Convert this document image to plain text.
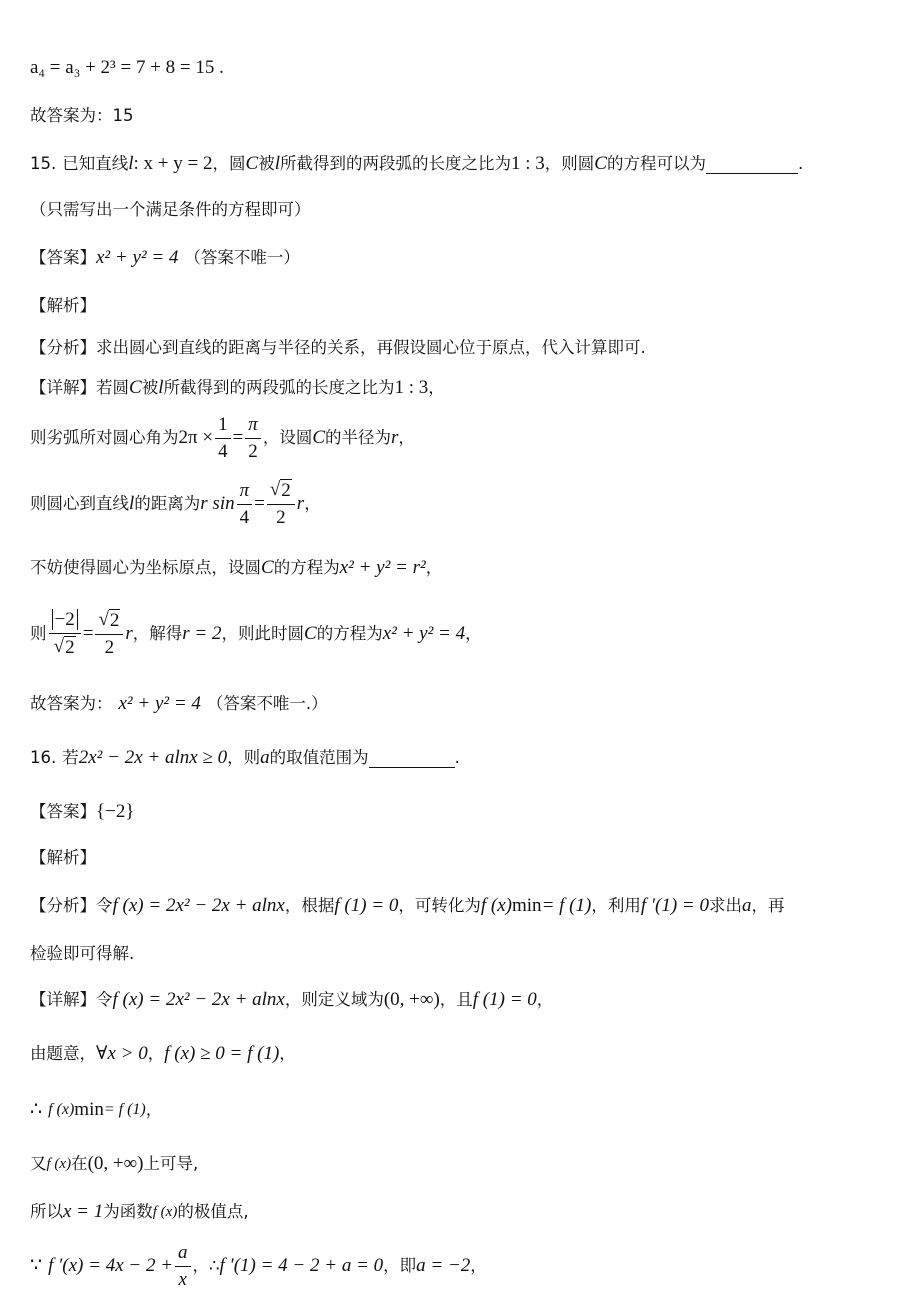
a₄ = a₃ + 2³ = 7 + 8 = 15 .
故答案为：15
15. 已知直线 l : x + y = 2 ，圆 C 被 l 所截得到的两段弧的长度之比为 1 : 3 ，则圆 C 的方程可以为	.
（只需写出一个满足条件的方程即可）
【答案】 x² + y² = 4 （答案不唯一）
【解析】
【分析】 求出圆心到直线的距离与半径的关系，再假设圆心位于原点，代入计算即可.
【详解】 若圆 C 被 l 所截得到的两段弧的长度之比为 1 : 3 ，
则劣弧所对圆心角为 $2\pi \times \frac{1}{4} = \frac{\pi}{2}$ ，设圆 C 的半径为 r ，
则圆心到直线 l 的距离为 r $\sin \frac{\pi}{4} = \frac{√ 2}{2}$ r ，
不妨使得圆心为坐标原点，设圆 C 的方程为 x² + y² = r² ，
则 $\frac{-2}{√ 2} = \frac{√ 2}{2}$ r ，解得 r = 2 ，则此时圆 C 的方程为 x² + y² = 4 ，
故答案为： x² + y² = 4 （答案不唯一.）
16. 若 2x² − 2x + alnx ≥ 0 ，则 a 的取值范围为	.
【答案】 {−2}
【解析】
【分析】 令 f (x) = 2x² − 2x + alnx ，根据 f (1) = 0 ，可转化为 f (x) min = f (1) ，利用 f ′(1) = 0 求出 a ，再
检验即可得解.
【详解】 令 f (x) = 2x² − 2x + alnx ，则定义域为 (0, +∞) ，且 f (1) = 0 ，
由题意， ∀x > 0 ， f (x) ≥ 0 = f (1) ，
∴ f (x) min = f (1) ，
又 f (x) 在 (0, +∞) 上可导,
所以 x = 1 为函数 f (x) 的极值点,
∵ f $'(x) = 4x - 2 + \frac{a}{x}$ ，∴ f ′(1) = 4 − 2 + a = 0 ，即 a = −2 ，
